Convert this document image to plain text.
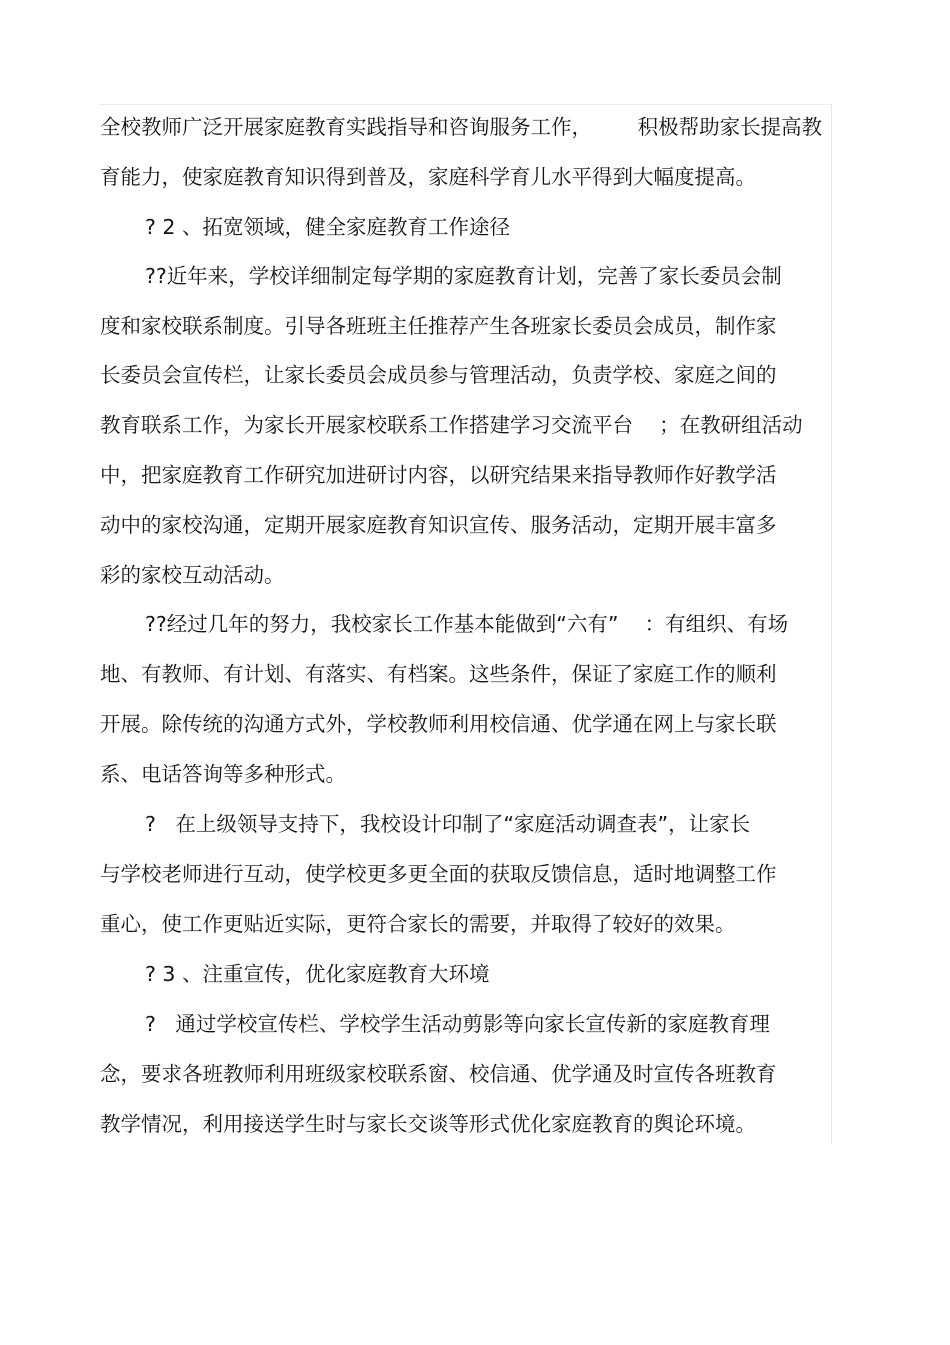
全校教师广泛开展家庭教育实践指导和咨询服务工作，       积极帮助家长提高教

育能力，使家庭教育知识得到普及，家庭科学育儿水平得到大幅度提高。

? 2 、拓宽领域，健全家庭教育工作途径

??近年来，学校详细制定每学期的家庭教育计划，完善了家长委员会制

度和家校联系制度。引导各班班主任推荐产生各班家长委员会成员，制作家

长委员会宣传栏，让家长委员会成员参与管理活动，负责学校、家庭之间的

教育联系工作，为家长开展家校联系工作搭建学习交流平台    ；在教研组活动

中，把家庭教育工作研究加进研讨内容，以研究结果来指导教师作好教学活

动中的家校沟通，定期开展家庭教育知识宣传、服务活动，定期开展丰富多

彩的家校互动活动。

??经过几年的努力，我校家长工作基本能做到“六有”    ：有组织、有场

地、有教师、有计划、有落实、有档案。这些条件，保证了家庭工作的顺利

开展。除传统的沟通方式外，学校教师利用校信通、优学通在网上与家长联

系、电话答询等多种形式。

?   在上级领导支持下，我校设计印制了“家庭活动调查表”，让家长

与学校老师进行互动，使学校更多更全面的获取反馈信息，适时地调整工作

重心，使工作更贴近实际，更符合家长的需要，并取得了较好的效果。

? 3 、注重宣传，优化家庭教育大环境

?   通过学校宣传栏、学校学生活动剪影等向家长宣传新的家庭教育理

念，要求各班教师利用班级家校联系窗、校信通、优学通及时宣传各班教育

教学情况，利用接送学生时与家长交谈等形式优化家庭教育的舆论环境。
